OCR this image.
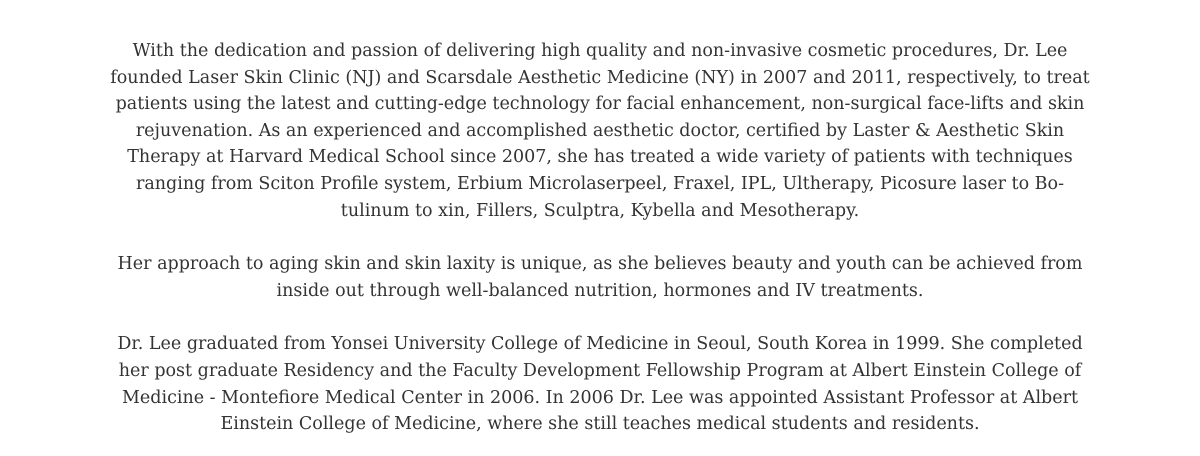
With the dedication and passion of delivering high quality and non-invasive cosmetic procedures, Dr. Lee
founded Laser Skin Clinic (NJ) and Scarsdale Aesthetic Medicine (NY) in 2007 and 2011, respectively, to treat
patients using the latest and cutting-edge technology for facial enhancement, non-surgical face-lifts and skin
rejuvenation. As an experienced and accomplished aesthetic doctor, certified by Laster & Aesthetic Skin
Therapy at Harvard Medical School since 2007, she has treated a wide variety of patients with techniques
ranging from Sciton Profile system, Erbium Microlaserpeel, Fraxel, IPL, Ultherapy, Picosure laser to Bo-
tulinum to xin, Fillers, Sculptra, Kybella and Mesotherapy.

Her approach to aging skin and skin laxity is unique, as she believes beauty and youth can be achieved from
inside out through well-balanced nutrition, hormones and IV treatments.

Dr. Lee graduated from Yonsei University College of Medicine in Seoul, South Korea in 1999. She completed
her post graduate Residency and the Faculty Development Fellowship Program at Albert Einstein College of
Medicine - Montefiore Medical Center in 2006. In 2006 Dr. Lee was appointed Assistant Professor at Albert
Einstein College of Medicine, where she still teaches medical students and residents.
